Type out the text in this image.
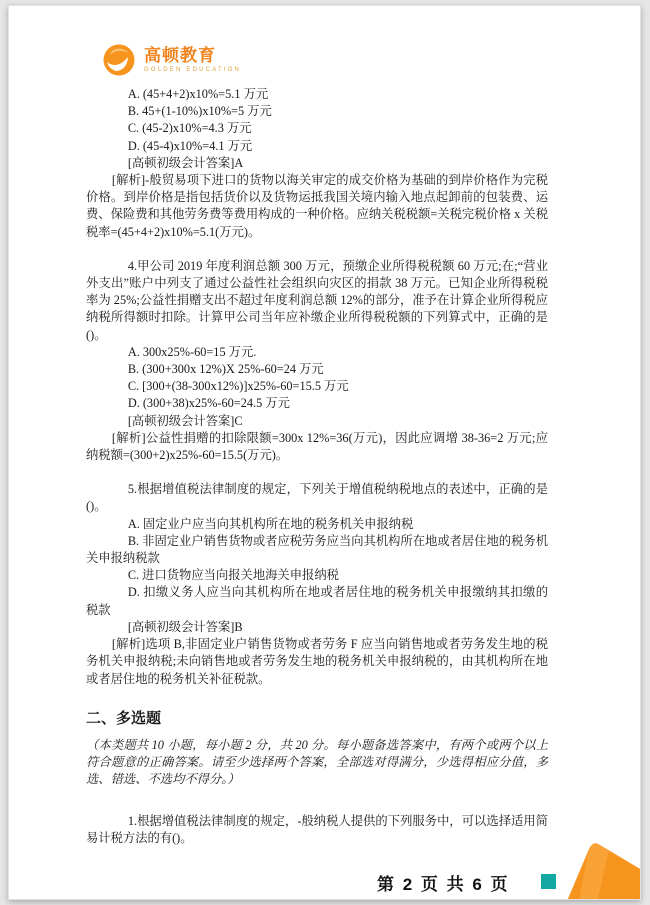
高顿教育
GOLDEN EDUCATION

A. (45+4+2)x10%=5.1 万元

B. 45+(1-10%)x10%=5 万元

C. (45-2)x10%=4.3 万元

D. (45-4)x10%=4.1 万元

[高顿初级会计答案]A

[解析]-般贸易项下进口的货物以海关审定的成交价格为基础的到岸价格作为完税价格。到岸价格是指包括货价以及货物运抵我国关境内输入地点起卸前的包装费、运费、保险费和其他劳务费等费用构成的一种价格。应纳关税税额=关税完税价格 x 关税税率=(45+4+2)x10%=5.1(万元)。

4.甲公司 2019 年度利润总额 300 万元，预缴企业所得税税额 60 万元;在;“营业外支出”账户中列支了通过公益性社会组织向灾区的捐款 38 万元。已知企业所得税税率为 25%;公益性捐赠支出不超过年度利润总额 12%的部分，准予在计算企业所得税应纳税所得额时扣除。计算甲公司当年应补缴企业所得税税额的下列算式中，正确的是()。

A. 300x25%-60=15 万元.

B. (300+300x 12%)X 25%-60=24 万元

C. [300+(38-300x12%)]x25%-60=15.5 万元

D. (300+38)x25%-60=24.5 万元

[高顿初级会计答案]C

[解析]公益性捐赠的扣除限额=300x 12%=36(万元)，因此应调增 38-36=2 万元;应纳税额=(300+2)x25%-60=15.5(万元)。

5.根据增值税法律制度的规定，下列关于增值税纳税地点的表述中，正确的是()。

A. 固定业户应当向其机构所在地的税务机关申报纳税

B. 非固定业户销售货物或者应税劳务应当向其机构所在地或者居住地的税务机关申报纳税款

C. 进口货物应当向报关地海关申报纳税

D. 扣缴义务人应当向其机构所在地或者居住地的税务机关申报缴纳其扣缴的税款

[高顿初级会计答案]B

[解析]选项 B,非固定业户销售货物或者劳务 F 应当向销售地或者劳务发生地的税务机关申报纳税;未向销售地或者劳务发生地的税务机关申报纳税的，由其机构所在地或者居住地的税务机关补征税款。

二、多选题

（本类题共 10 小题，每小题 2 分，共 20 分。每小题备选答案中，有两个或两个以上符合题意的正确答案。请至少选择两个答案，全部选对得满分，少选得相应分值，多选、错选、不选均不得分。）

1.根据增值税法律制度的规定，-般纳税人提供的下列服务中，可以选择适用简易计税方法的有()。

第 2 页 共 6 页
